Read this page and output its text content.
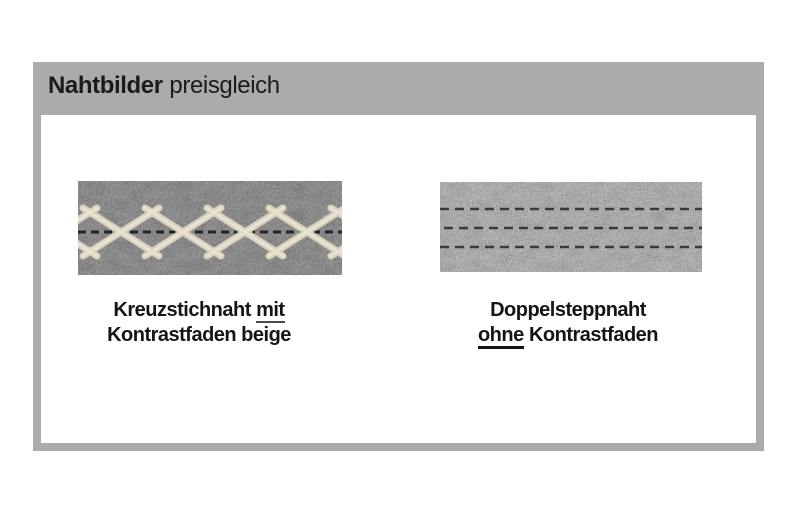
Nahtbilder preisgleich
Kreuzstichnaht mit
Kontrastfaden beige
Doppelsteppnaht
ohne Kontrastfaden
